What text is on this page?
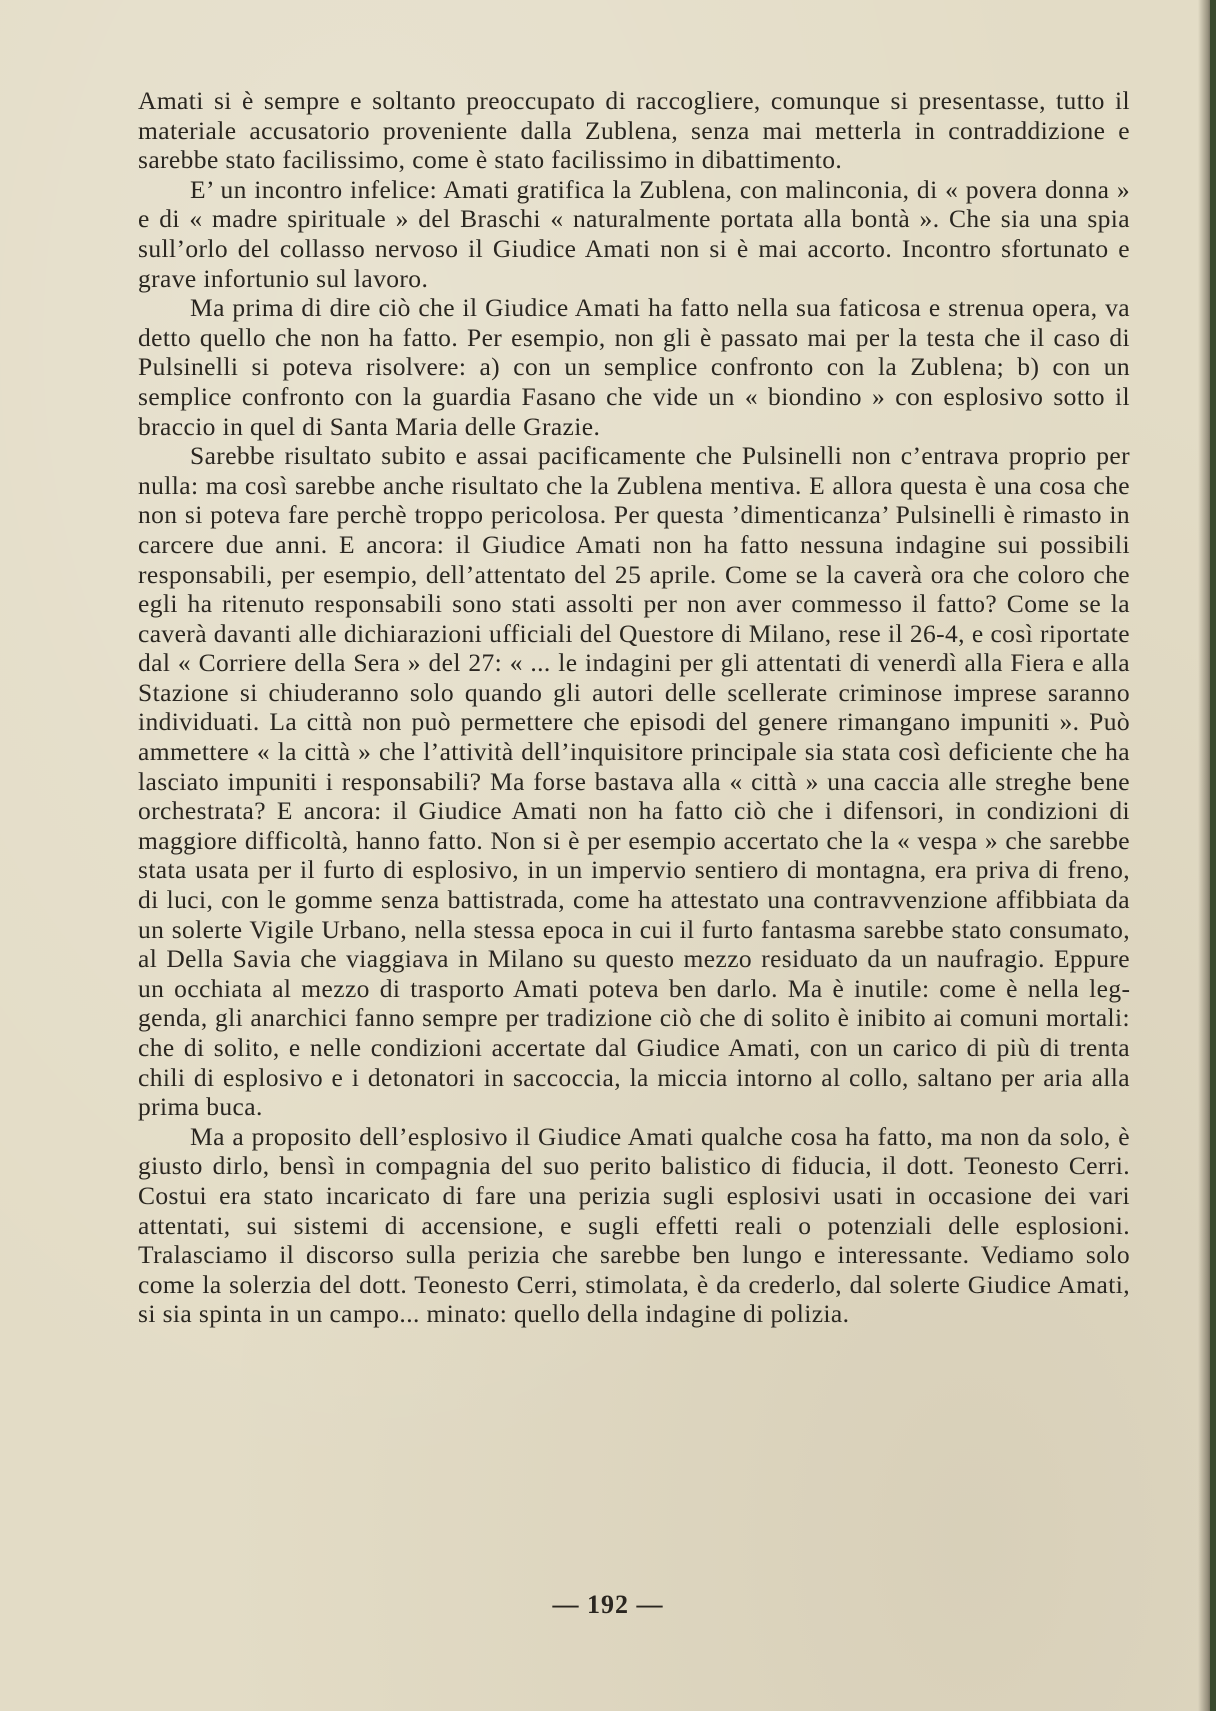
Amati si è sempre e soltanto preoccupato di raccogliere, comunque si presentasse, tutto il materiale accusatorio proveniente dalla Zublena, senza mai metterla in contraddizione e sarebbe stato facilissimo, come è stato facilissimo in dibattimento.

E’ un incontro infelice: Amati gratifica la Zublena, con malinconia, di « povera donna » e di « madre spirituale » del Braschi « naturalmente portata alla bontà ». Che sia una spia sull’orlo del collasso nervoso il Giudice Amati non si è mai accorto. Incontro sfortunato e grave infortunio sul lavoro.

Ma prima di dire ciò che il Giudice Amati ha fatto nella sua faticosa e strenua opera, va detto quello che non ha fatto. Per esempio, non gli è passato mai per la testa che il caso di Pulsinelli si poteva risolvere: a) con un semplice confronto con la Zublena; b) con un semplice confronto con la guardia Fasano che vide un « biondino » con esplosivo sotto il braccio in quel di Santa Maria delle Grazie.

Sarebbe risultato subito e assai pacificamente che Pulsinelli non c’entrava proprio per nulla: ma così sarebbe anche risultato che la Zublena mentiva. E allora questa è una cosa che non si poteva fare perchè troppo pericolosa. Per questa ’dimenticanza’ Pulsinelli è rimasto in carcere due anni. E ancora: il Giudice Amati non ha fatto nessuna indagine sui possibili responsabili, per esempio, dell’attentato del 25 aprile. Come se la caverà ora che coloro che egli ha ritenuto responsabili sono stati assolti per non aver commesso il fatto? Come se la caverà davanti alle dichiarazioni ufficiali del Questore di Milano, rese il 26-4, e così riportate dal « Corriere della Sera » del 27: « ... le indagini per gli attentati di venerdì alla Fiera e alla Stazione si chiuderanno solo quando gli autori delle scellerate criminose imprese saranno individuati. La città non può permettere che episodi del genere rimangano impuniti ». Può ammettere « la città » che l’attività dell’inquisitore principale sia stata così deficiente che ha lasciato impuniti i responsabili? Ma forse bastava alla « città » una caccia alle streghe bene orchestrata? E ancora: il Giudice Amati non ha fatto ciò che i difensori, in condizioni di maggiore difficoltà, hanno fatto. Non si è per esempio accertato che la « vespa » che sarebbe stata usata per il furto di esplosivo, in un impervio sentiero di montagna, era priva di freno, di luci, con le gomme senza battistrada, come ha attestato una contravvenzione affibbiata da un solerte Vigile Urbano, nella stessa epoca in cui il furto fantasma sarebbe stato consumato, al Della Savia che viaggiava in Milano su questo mezzo residuato da un naufragio. Eppure un occhiata al mezzo di trasporto Amati poteva ben darlo. Ma è inutile: come è nella leggenda, gli anarchici fanno sempre per tradizione ciò che di solito è inibito ai comuni mortali: che di solito, e nelle condizioni accertate dal Giudice Amati, con un carico di più di trenta chili di esplosivo e i detonatori in saccoccia, la miccia intorno al collo, saltano per aria alla prima buca.

Ma a proposito dell’esplosivo il Giudice Amati qualche cosa ha fatto, ma non da solo, è giusto dirlo, bensì in compagnia del suo perito balistico di fiducia, il dott. Teonesto Cerri. Costui era stato incaricato di fare una perizia sugli esplosivi usati in occasione dei vari attentati, sui sistemi di accensione, e sugli effetti reali o potenziali delle esplosioni. Tralasciamo il discorso sulla perizia che sarebbe ben lungo e interessante. Vediamo solo come la solerzia del dott. Teonesto Cerri, stimolata, è da crederlo, dal solerte Giudice Amati, si sia spinta in un campo... minato: quello della indagine di polizia.

— 192 —
